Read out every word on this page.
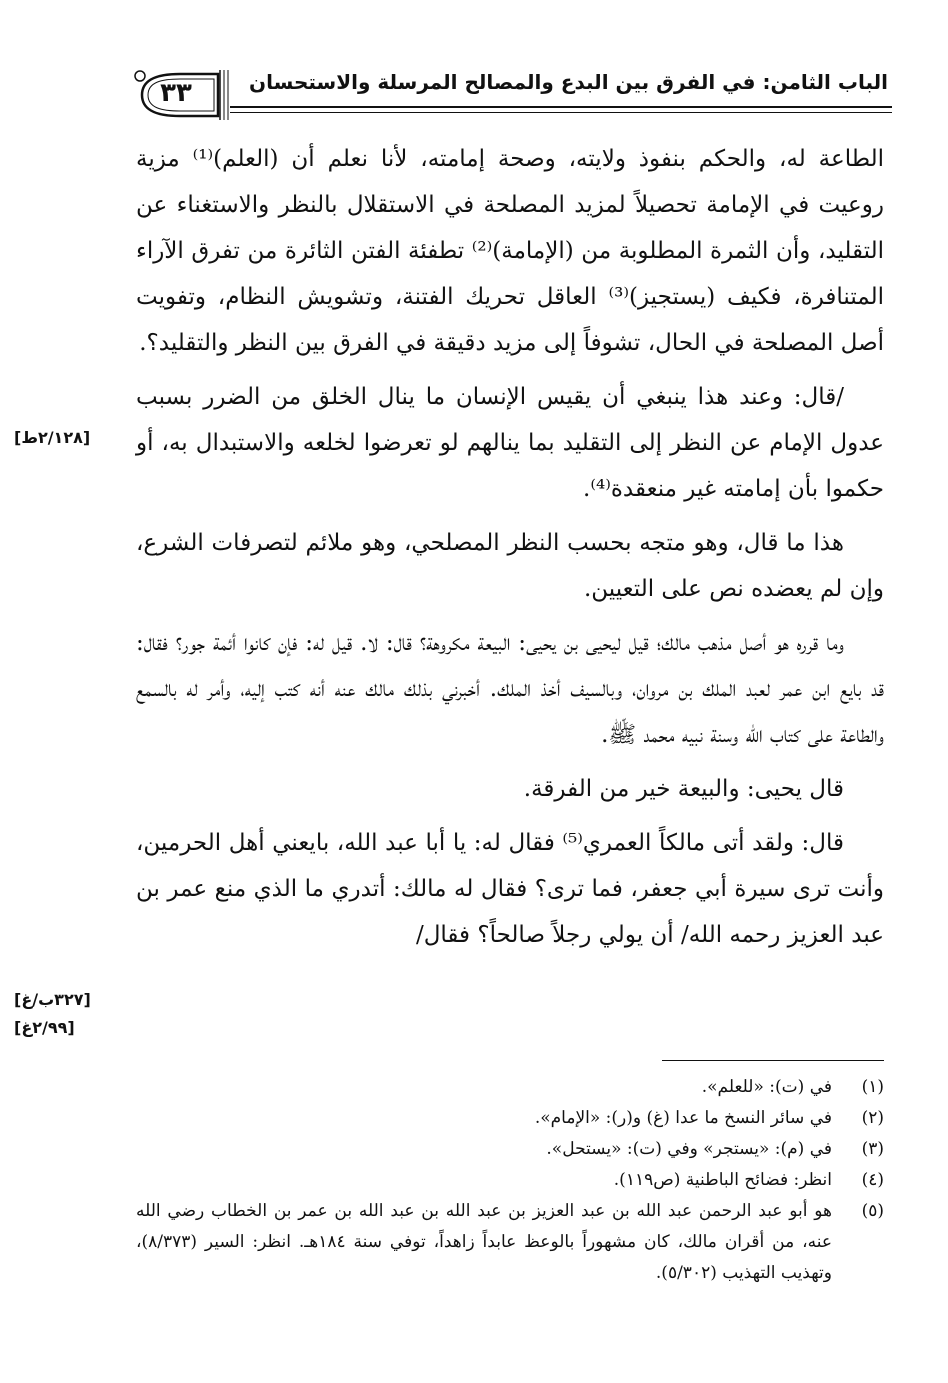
الباب الثامن: في الفرق بين البدع والمصالح المرسلة والاستحسان
٣٣

الطاعة له، والحكم بنفوذ ولايته، وصحة إمامته، لأنا نعلم أن (العلم)⁽¹⁾ مزية روعيت في الإمامة تحصيلاً لمزيد المصلحة في الاستقلال بالنظر والاستغناء عن التقليد، وأن الثمرة المطلوبة من (الإمامة)⁽²⁾ تطفئة الفتن الثائرة من تفرق الآراء المتنافرة، فكيف (يستجيز)⁽³⁾ العاقل تحريك الفتنة، وتشويش النظام، وتفويت أصل المصلحة في الحال، تشوفاً إلى مزيد دقيقة في الفرق بين النظر والتقليد؟.

/قال: وعند هذا ينبغي أن يقيس الإنسان ما ينال الخلق من الضرر بسبب عدول الإمام عن النظر إلى التقليد بما ينالهم لو تعرضوا لخلعه والاستبدال به، أو حكموا بأن إمامته غير منعقدة⁽⁴⁾.

هذا ما قال، وهو متجه بحسب النظر المصلحي، وهو ملائم لتصرفات الشرع، وإن لم يعضده نص على التعيين.

وما قرره هو أصل مذهب مالك؛ قيل ليحيى بن يحيى: البيعة مكروهة؟ قال: لا. قيل له: فإن كانوا أئمة جور؟ فقال: قد بايع ابن عمر لعبد الملك بن مروان، وبالسيف أخذ الملك. أخبرني بذلك مالك عنه أنه كتب إليه، وأمر له بالسمع والطاعة على كتاب الله وسنة نبيه محمد ﷺ.

قال يحيى: والبيعة خير من الفرقة.

قال: ولقد أتى مالكاً العمري⁽⁵⁾ فقال له: يا أبا عبد الله، بايعني أهل الحرمين، وأنت ترى سيرة أبي جعفر، فما ترى؟ فقال له مالك: أتدري ما الذي منع عمر بن عبد العزيز رحمه الله/ أن يولي رجلاً صالحاً؟ فقال/

[٢/١٢٨ط]
[٣٢٧ب/غ]
[٢/٩٩غ]
(١)
في (ت): «للعلم».
(٢)
في سائر النسخ ما عدا (غ) و(ر): «الإمام».
(٣)
في (م): «يستجر» وفي (ت): «يستحل».
(٤)
انظر: فضائح الباطنية (ص١١٩).
(٥)
هو أبو عبد الرحمن عبد الله بن عبد العزيز بن عبد الله بن عبد الله بن عمر بن الخطاب رضي الله عنه، من أقران مالك، كان مشهوراً بالوعظ عابداً زاهداً، توفي سنة ١٨٤هـ. انظر: السير (٨/٣٧٣)، وتهذيب التهذيب (٥/٣٠٢).
